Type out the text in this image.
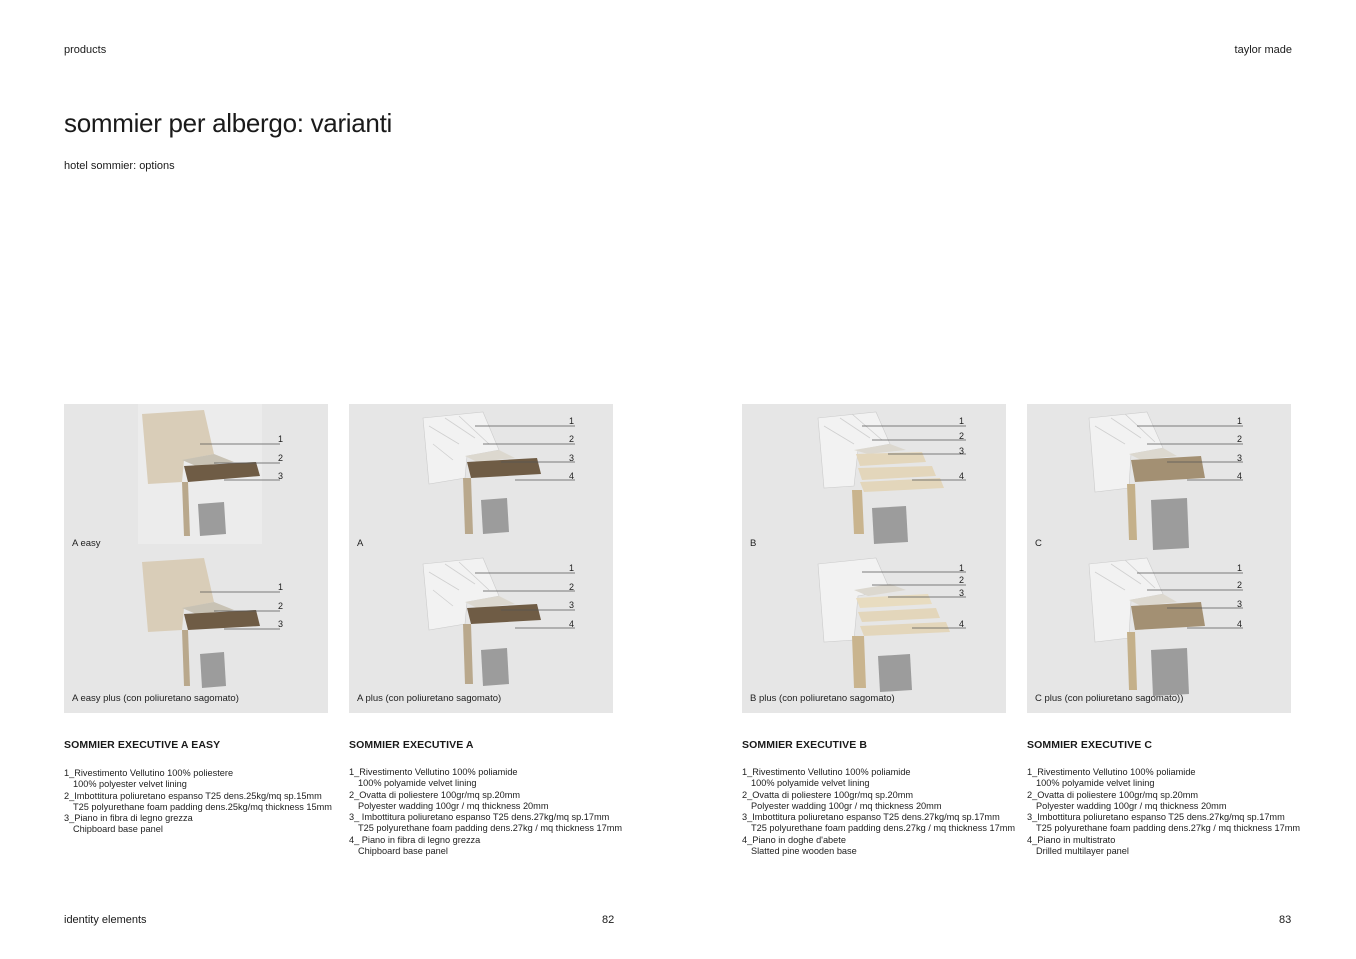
products	taylor made
sommier per albergo: varianti
hotel sommier: options
1
2
3
1
2
3
A easy
A easy plus (con poliuretano sagomato)
1
2
3
4
1
2
3
4
A
A plus (con poliuretano sagomato)
1
2
3
4
1
2
3
4
B
B plus (con poliuretano sagomato)
1
2
3
4
1
2
3
4
C
C plus (con poliuretano sagomato))
SOMMIER EXECUTIVE A EASY	SOMMIER EXECUTIVE A	SOMMIER EXECUTIVE B	SOMMIER EXECUTIVE C
1_Rivestimento Vellutino 100% poliestere
100% polyester velvet lining
2_Imbottitura poliuretano espanso T25 dens.25kg/mq sp.15mm
T25 polyurethane foam padding dens.25kg/mq thickness 15mm
3_Piano in fibra di legno grezza
Chipboard base panel
1_Rivestimento Vellutino 100% poliamide
100% polyamide velvet lining
2_Ovatta di poliestere 100gr/mq sp.20mm
Polyester wadding 100gr / mq thickness 20mm
3_ Imbottitura poliuretano espanso T25 dens.27kg/mq sp.17mm
T25 polyurethane foam padding dens.27kg / mq thickness 17mm
4_ Piano in fibra di legno grezza
Chipboard base panel
1_Rivestimento Vellutino 100% poliamide
100% polyamide velvet lining
2_Ovatta di poliestere 100gr/mq sp.20mm
Polyester wadding 100gr / mq thickness 20mm
3_Imbottitura poliuretano espanso T25 dens.27kg/mq sp.17mm
T25 polyurethane foam padding dens.27kg / mq thickness 17mm
4_Piano in doghe d'abete
Slatted pine wooden base
1_Rivestimento Vellutino 100% poliamide
100% polyamide velvet lining
2_Ovatta di poliestere 100gr/mq sp.20mm
Polyester wadding 100gr / mq thickness 20mm
3_Imbottitura poliuretano espanso T25 dens.27kg/mq sp.17mm
T25 polyurethane foam padding dens.27kg / mq thickness 17mm
4_Piano in multistrato
Drilled multilayer panel
identity elements	82	83
